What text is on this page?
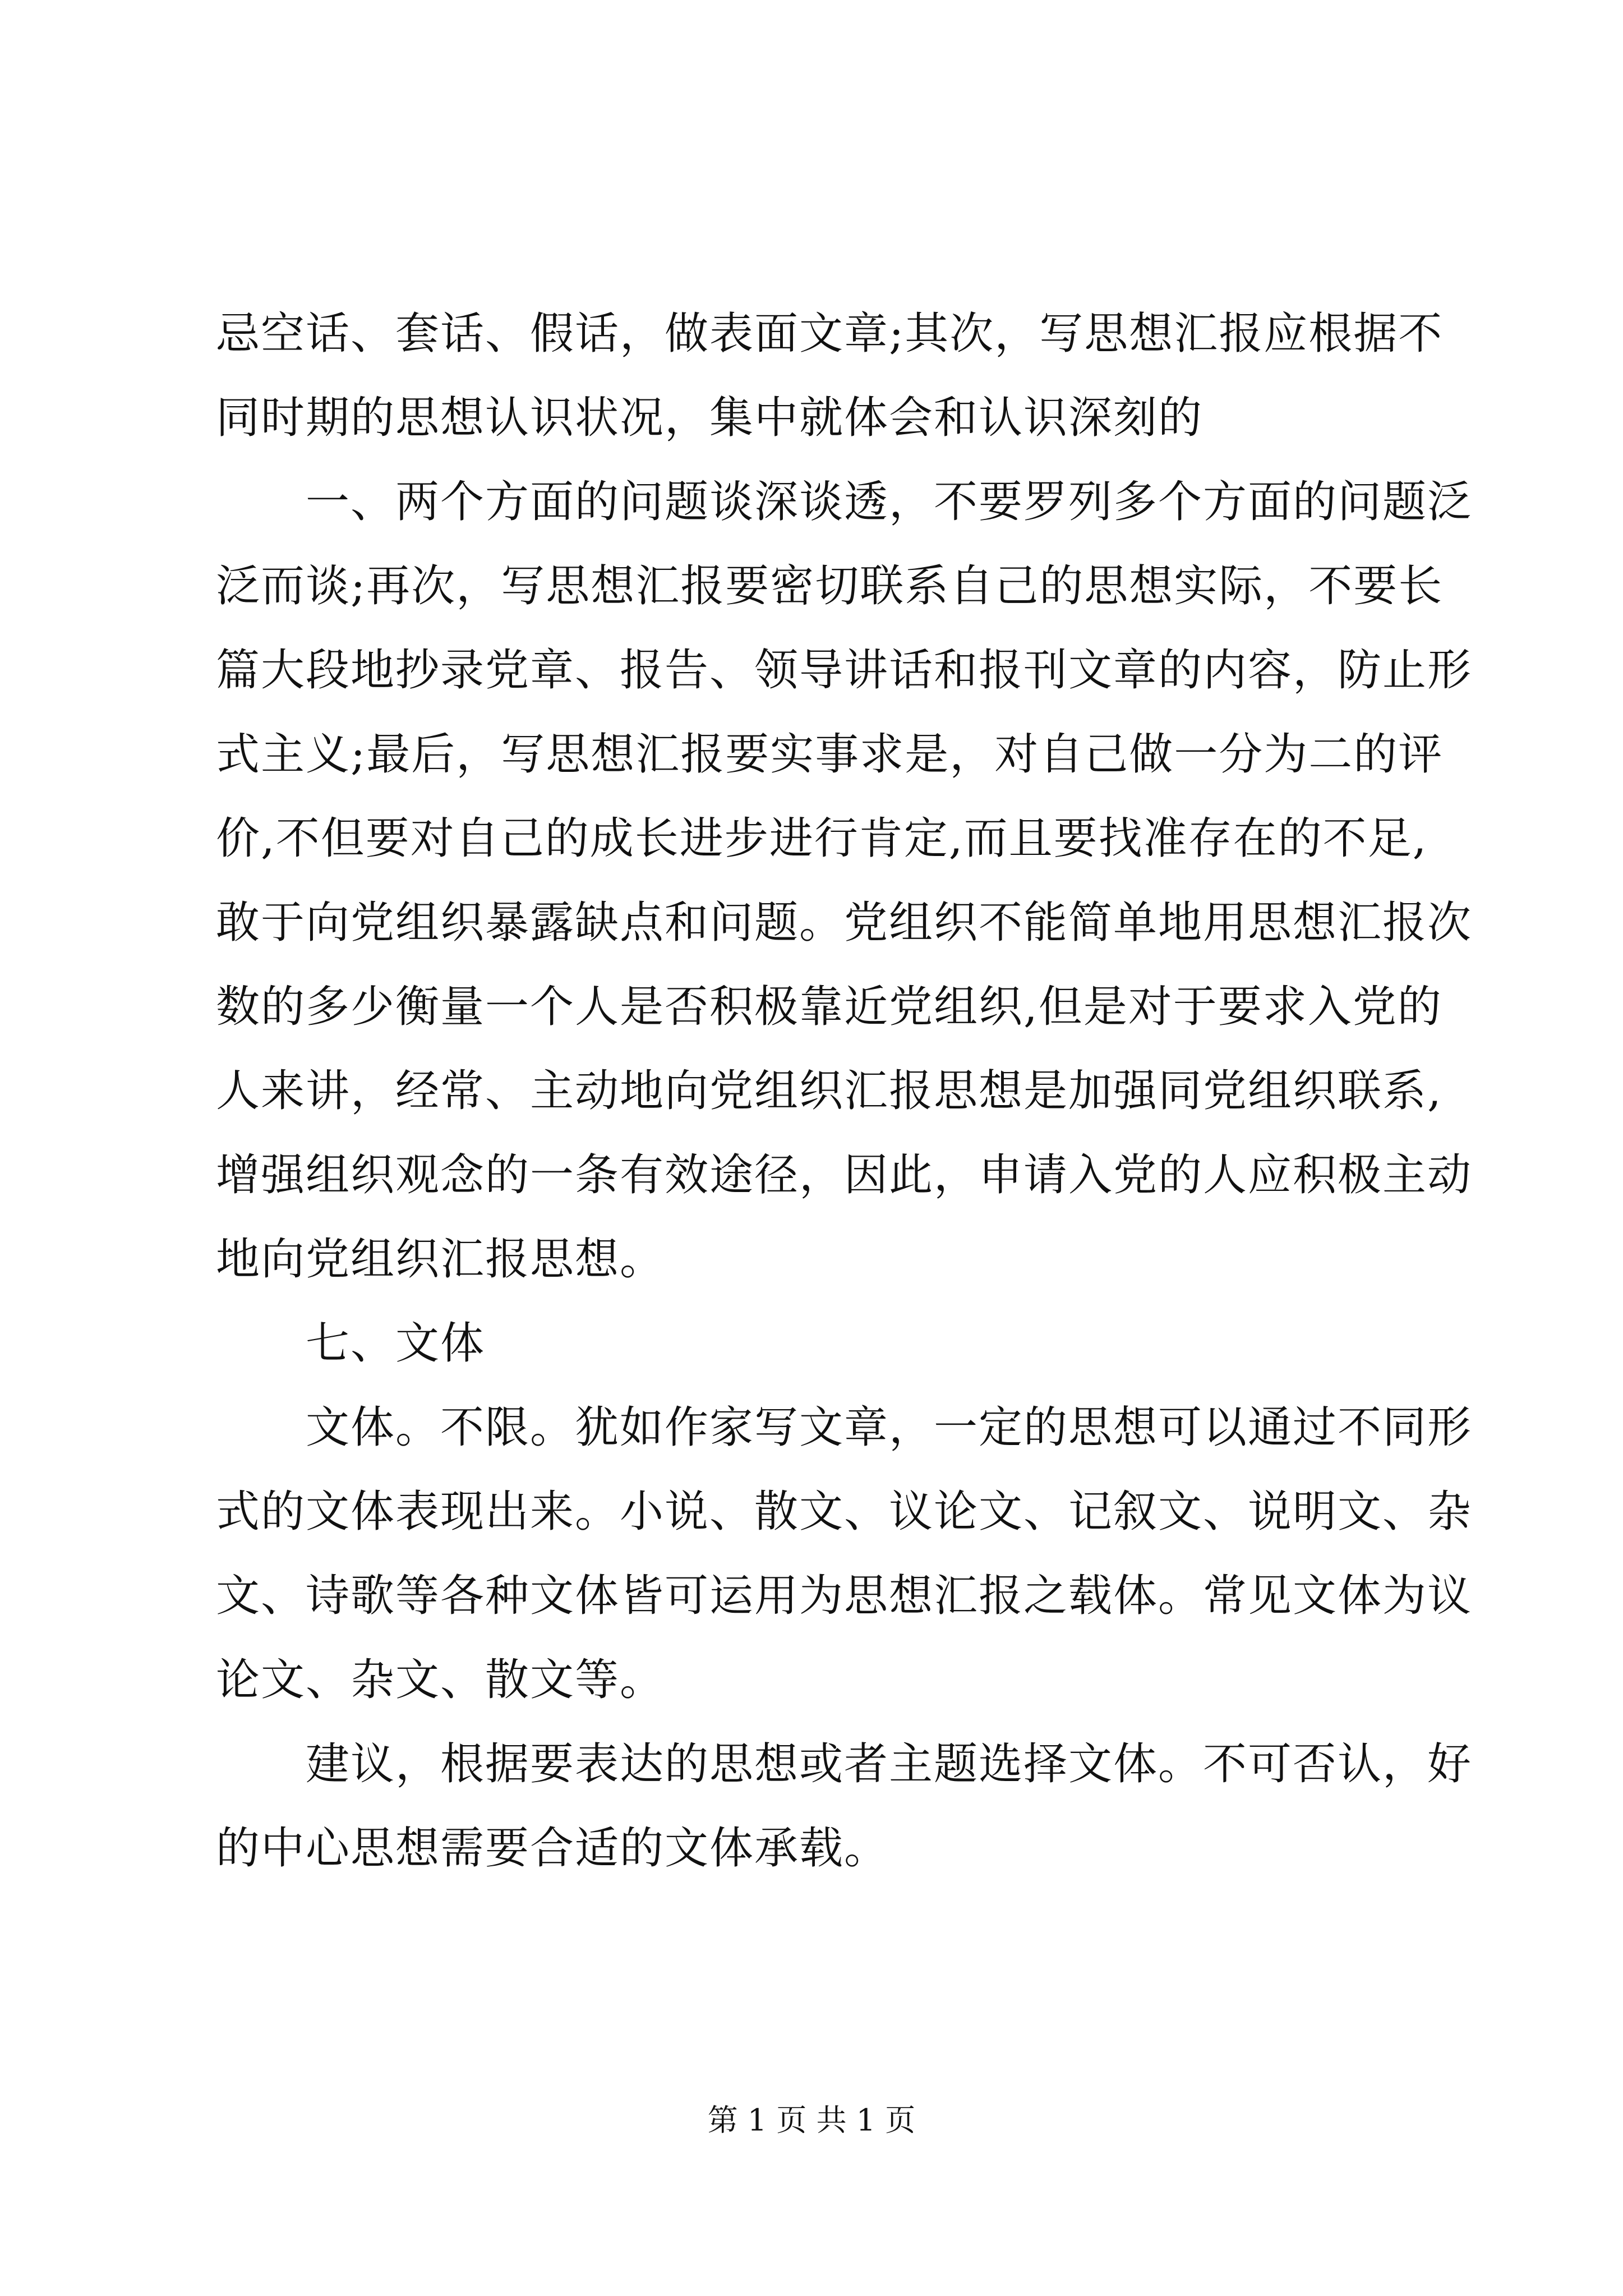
忌空话、套话、假话，做表面文章;其次，写思想汇报应根据不
同时期的思想认识状况，集中就体会和认识深刻的
一、两个方面的问题谈深谈透，不要罗列多个方面的问题泛
泛而谈;再次，写思想汇报要密切联系自己的思想实际，不要长
篇大段地抄录党章、报告、领导讲话和报刊文章的内容，防止形
式主义;最后，写思想汇报要实事求是，对自己做一分为二的评
价,不但要对自己的成长进步进行肯定,而且要找准存在的不足,
敢于向党组织暴露缺点和问题。党组织不能简单地用思想汇报次
数的多少衡量一个人是否积极靠近党组织,但是对于要求入党的
人来讲，经常、主动地向党组织汇报思想是加强同党组织联系,
增强组织观念的一条有效途径，因此，申请入党的人应积极主动
地向党组织汇报思想。
七、文体
文体。不限。犹如作家写文章，一定的思想可以通过不同形
式的文体表现出来。小说、散文、议论文、记叙文、说明文、杂
文、诗歌等各种文体皆可运用为思想汇报之载体。常见文体为议
论文、杂文、散文等。
建议，根据要表达的思想或者主题选择文体。不可否认，好
的中心思想需要合适的文体承载。
第 1 页 共 1 页
